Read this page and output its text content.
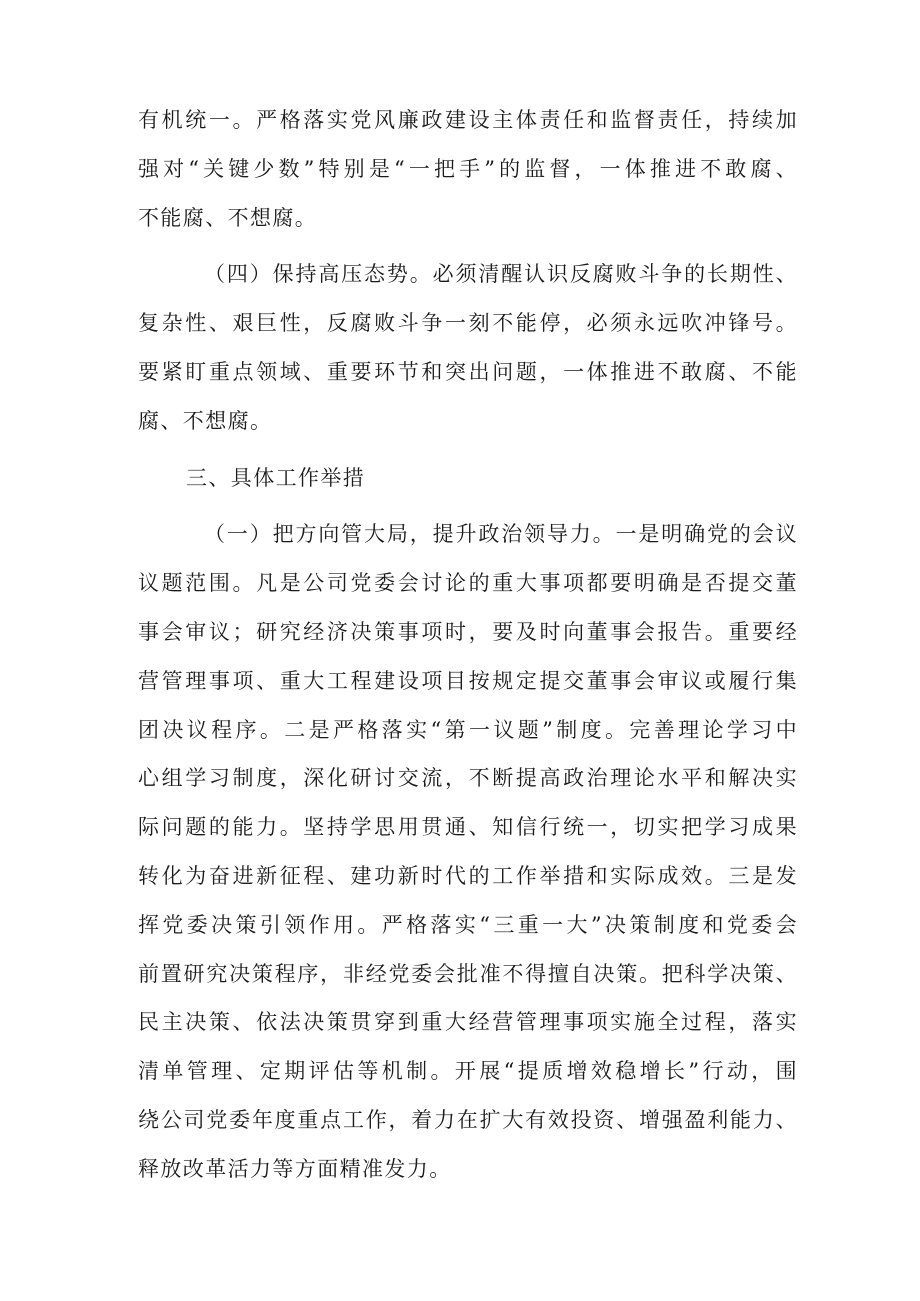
有机统一。严格落实党风廉政建设主体责任和监督责任，持续加
强对“关键少数”特别是“一把手”的监督，一体推进不敢腐、
不能腐、不想腐。
（四）保持高压态势。必须清醒认识反腐败斗争的长期性、
复杂性、艰巨性，反腐败斗争一刻不能停，必须永远吹冲锋号。
要紧盯重点领域、重要环节和突出问题，一体推进不敢腐、不能
腐、不想腐。
三、具体工作举措
（一）把方向管大局，提升政治领导力。一是明确党的会议
议题范围。凡是公司党委会讨论的重大事项都要明确是否提交董
事会审议；研究经济决策事项时，要及时向董事会报告。重要经
营管理事项、重大工程建设项目按规定提交董事会审议或履行集
团决议程序。二是严格落实“第一议题”制度。完善理论学习中
心组学习制度，深化研讨交流，不断提高政治理论水平和解决实
际问题的能力。坚持学思用贯通、知信行统一，切实把学习成果
转化为奋进新征程、建功新时代的工作举措和实际成效。三是发
挥党委决策引领作用。严格落实“三重一大”决策制度和党委会
前置研究决策程序，非经党委会批准不得擅自决策。把科学决策、
民主决策、依法决策贯穿到重大经营管理事项实施全过程，落实
清单管理、定期评估等机制。开展“提质增效稳增长”行动，围
绕公司党委年度重点工作，着力在扩大有效投资、增强盈利能力、
释放改革活力等方面精准发力。
